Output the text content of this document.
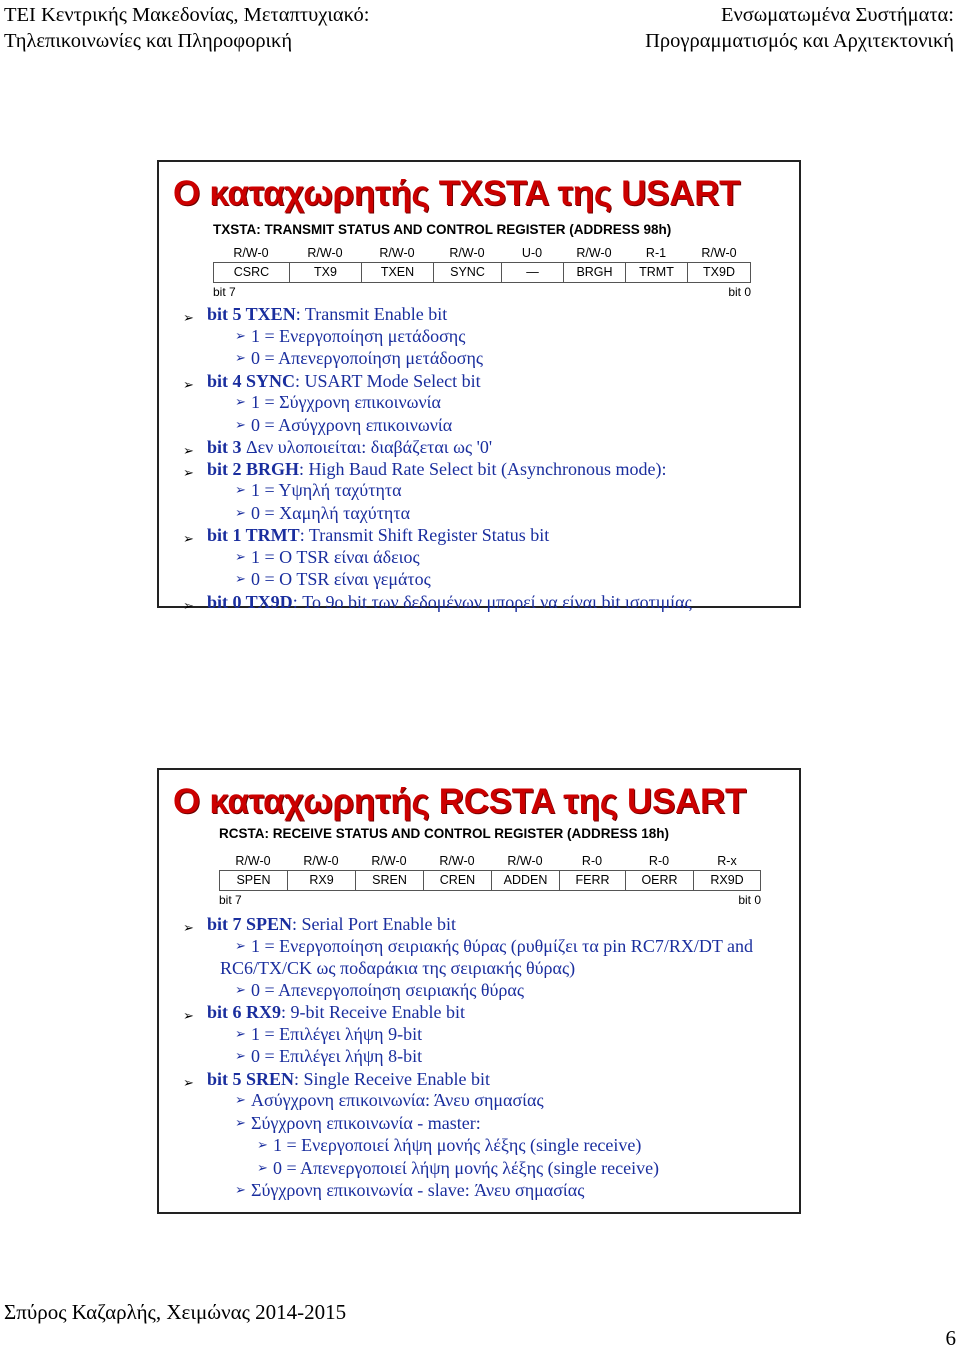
ΤΕΙ Κεντρικής Μακεδονίας, Μεταπτυχιακό:
Τηλεπικοινωνίες και Πληροφορική
Ενσωματωμένα Συστήματα:
Προγραμματισμός και Αρχιτεκτονική
Ο καταχωρητής TXSTA της USART
TXSTA: TRANSMIT STATUS AND CONTROL REGISTER (ADDRESS 98h)
R/W-0	R/W-0	R/W-0	R/W-0	U-0	R/W-0	R-1	R/W-0
CSRC	TX9	TXEN	SYNC	—	BRGH	TRMT	TX9D
bit 7	bit 0
➢ bit 5 TXEN: Transmit Enable bit
➢ 1 = Ενεργοποίηση μετάδοσης
➢ 0 = Απενεργοποίηση μετάδοσης
➢ bit 4 SYNC: USART Mode Select bit
➢ 1 = Σύγχρονη επικοινωνία
➢ 0 = Ασύγχρονη επικοινωνία
➢ bit 3 Δεν υλοποιείται: διαβάζεται ως '0'
➢ bit 2 BRGH: High Baud Rate Select bit (Asynchronous mode):
➢ 1 = Υψηλή ταχύτητα
➢ 0 = Χαμηλή ταχύτητα
➢ bit 1 TRMT: Transmit Shift Register Status bit
➢ 1 = O TSR είναι άδειος
➢ 0 = O TSR είναι γεμάτος
➢ bit 0 TX9D: Το 9ο bit των δεδομένων μπορεί να είναι bit ισοτιμίας
Ο καταχωρητής RCSTA της USART
RCSTA: RECEIVE STATUS AND CONTROL REGISTER (ADDRESS 18h)
R/W-0	R/W-0	R/W-0	R/W-0	R/W-0	R-0	R-0	R-x
SPEN	RX9	SREN	CREN	ADDEN	FERR	OERR	RX9D
bit 7	bit 0
➢ bit 7 SPEN: Serial Port Enable bit
➢ 1 = Ενεργοποίηση σειριακής θύρας (ρυθμίζει τα pin RC7/RX/DT and
RC6/TX/CK ως ποδαράκια της σειριακής θύρας)
➢ 0 = Απενεργοποίηση σειριακής θύρας
➢ bit 6 RX9: 9-bit Receive Enable bit
➢ 1 = Επιλέγει λήψη 9-bit
➢ 0 = Επιλέγει λήψη 8-bit
➢ bit 5 SREN: Single Receive Enable bit
➢ Ασύγχρονη επικοινωνία: Άνευ σημασίας
➢ Σύγχρονη επικοινωνία - master:
➢ 1 = Ενεργοποιεί λήψη μονής λέξης (single receive)
➢ 0 = Απενεργοποιεί λήψη μονής λέξης (single receive)
➢ Σύγχρονη επικοινωνία - slave: Άνευ σημασίας
Σπύρος Καζαρλής, Χειμώνας 2014-2015
6
